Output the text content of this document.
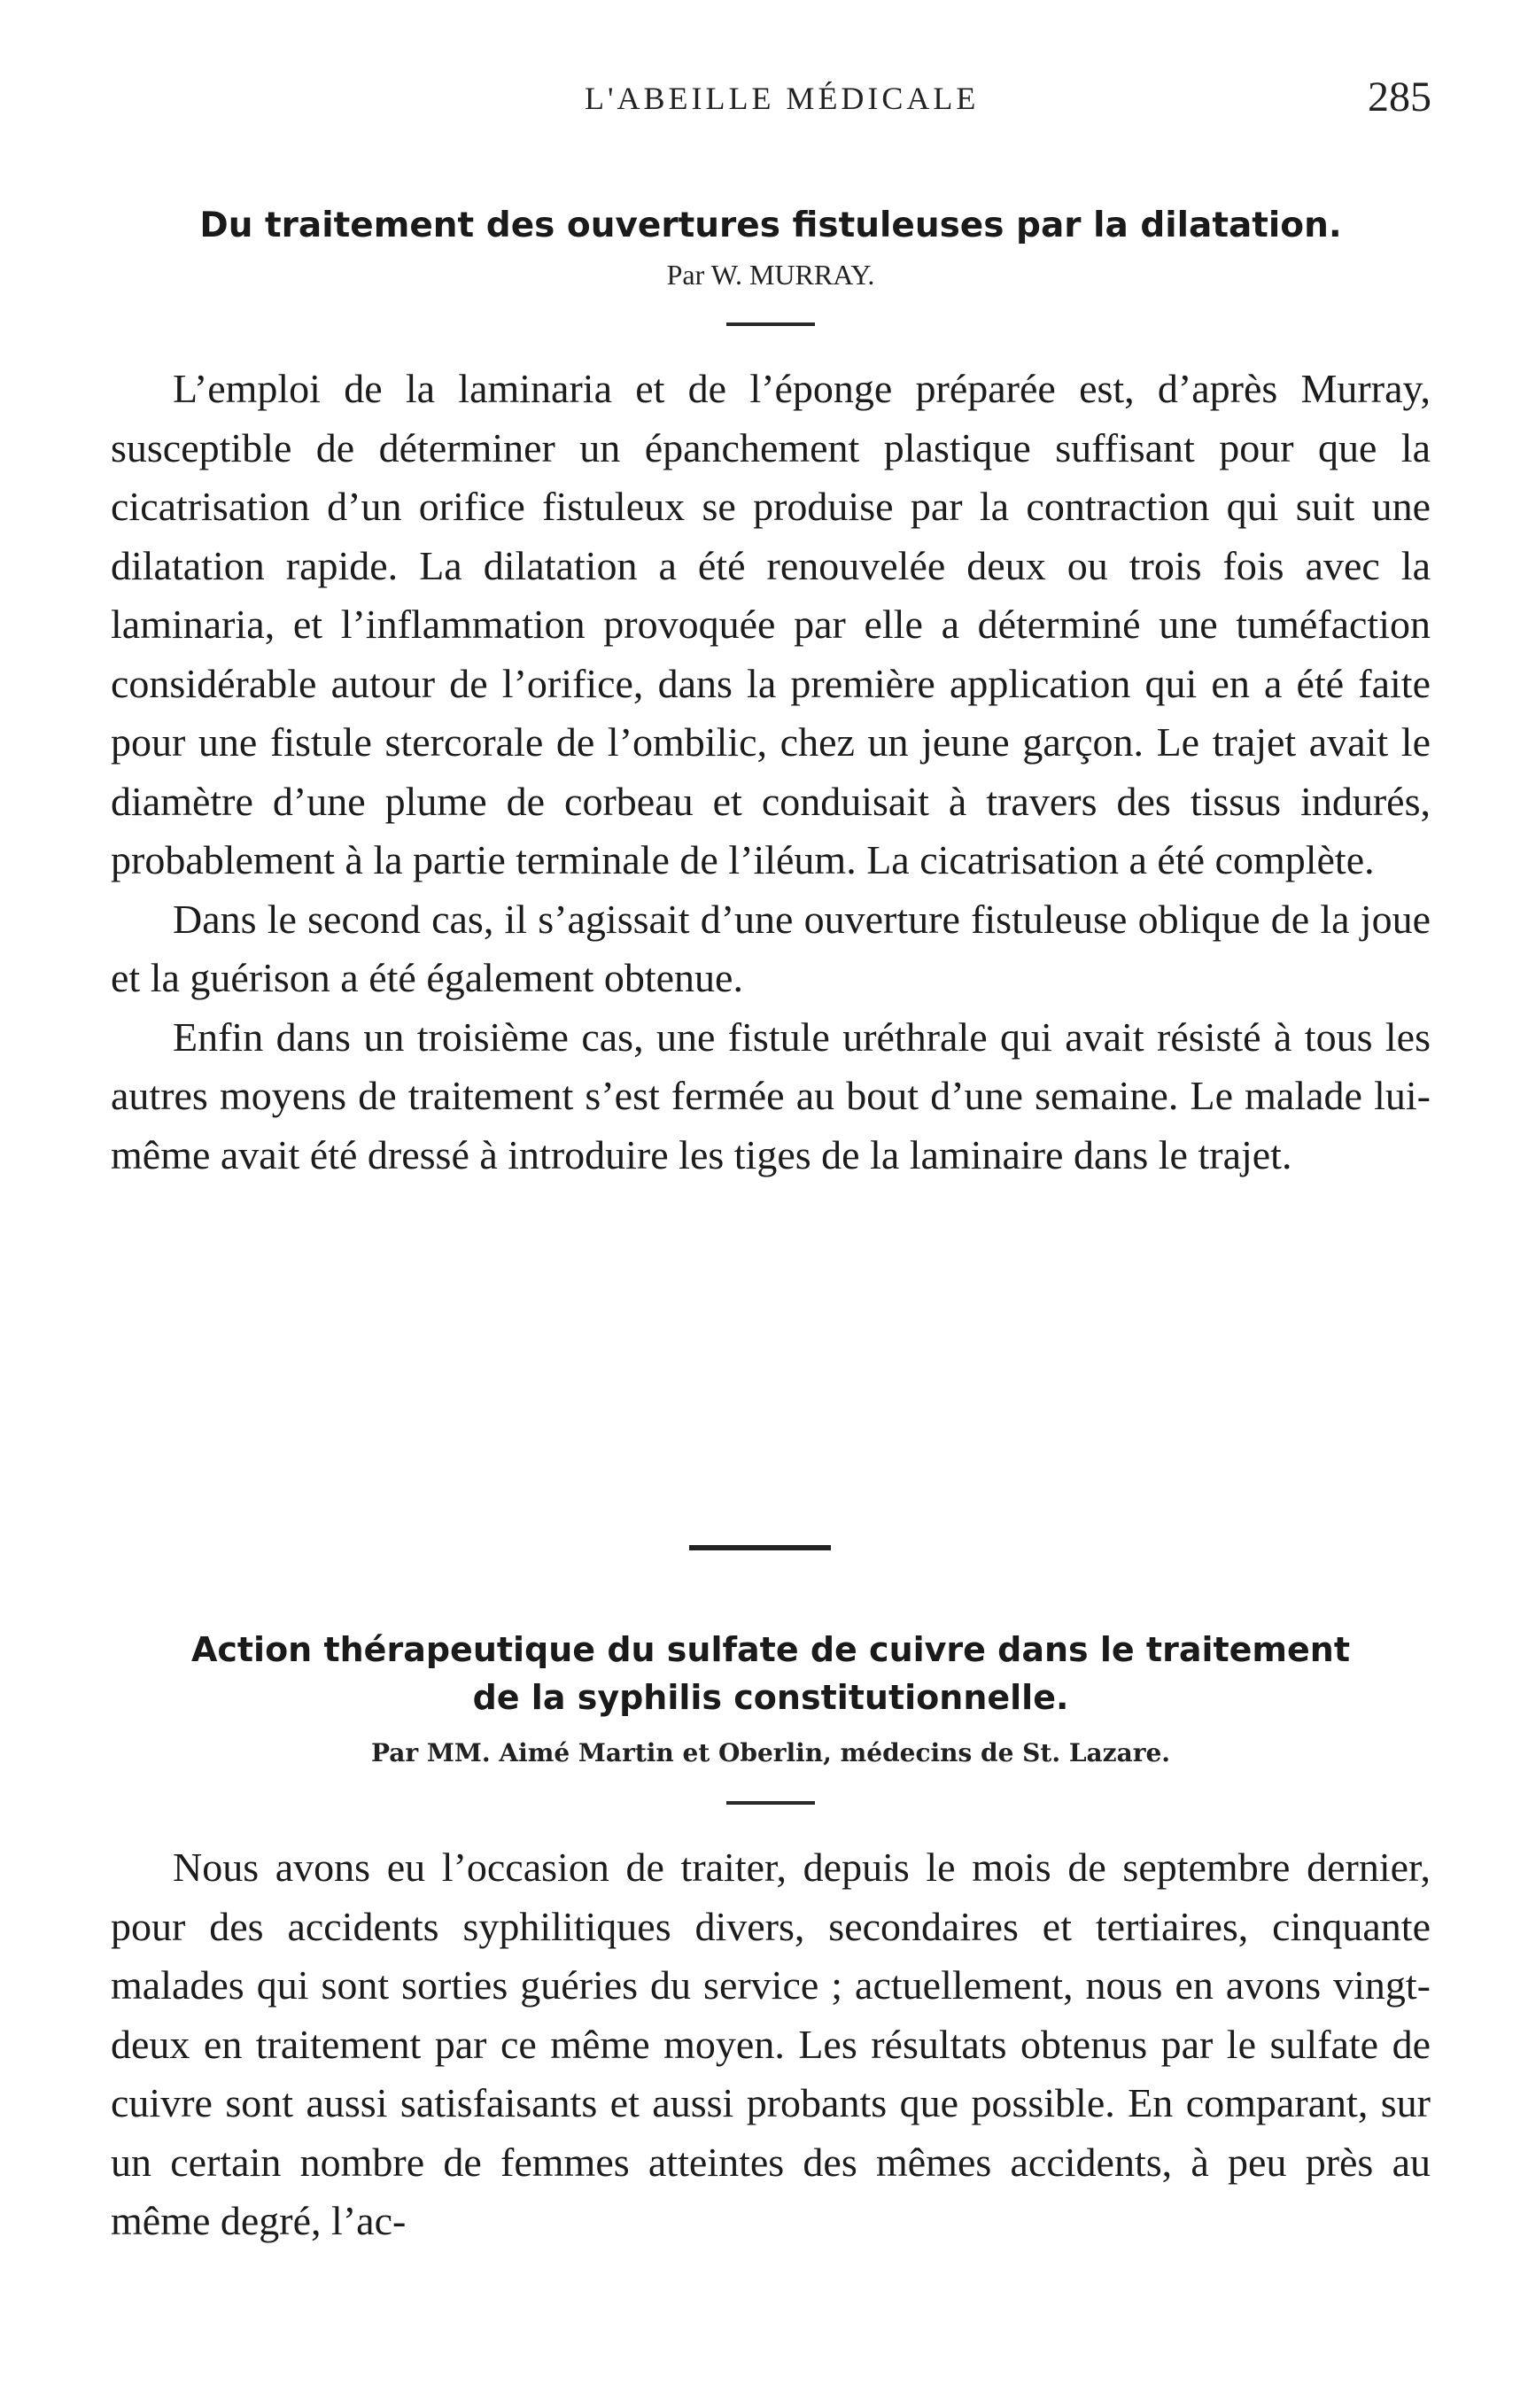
L'ABEILLE MÉDICALE	285
Du traitement des ouvertures fistuleuses par la dilatation.
Par W. MURRAY.

L’emploi de la laminaria et de l’éponge préparée est, d’après Murray, susceptible de déterminer un épanchement plastique suffisant pour que la cicatrisation d’un orifice fistuleux se produise par la contraction qui suit une dilatation rapide. La dilatation a été renouvelée deux ou trois fois avec la laminaria, et l’inflammation provoquée par elle a déterminé une tuméfaction considérable autour de l’orifice, dans la première application qui en a été faite pour une fistule stercorale de l’ombilic, chez un jeune garçon. Le trajet avait le diamètre d’une plume de corbeau et conduisait à travers des tissus indurés, probablement à la partie terminale de l’iléum. La cicatrisation a été complète.

Dans le second cas, il s’agissait d’une ouverture fistuleuse oblique de la joue et la guérison a été également obtenue.

Enfin dans un troisième cas, une fistule uréthrale qui avait résisté à tous les autres moyens de traitement s’est fermée au bout d’une semaine. Le malade lui-même avait été dressé à introduire les tiges de la laminaire dans le trajet.

Action thérapeutique du sulfate de cuivre dans le traitement
de la syphilis constitutionnelle.
Par MM. Aimé Martin et Oberlin, médecins de St. Lazare.

Nous avons eu l’occasion de traiter, depuis le mois de septembre dernier, pour des accidents syphilitiques divers, secondaires et tertiaires, cinquante malades qui sont sorties guéries du service ; actuellement, nous en avons vingt-deux en traitement par ce même moyen. Les résultats obtenus par le sulfate de cuivre sont aussi satisfaisants et aussi probants que possible. En comparant, sur un certain nombre de femmes atteintes des mêmes accidents, à peu près au même degré, l’ac-
